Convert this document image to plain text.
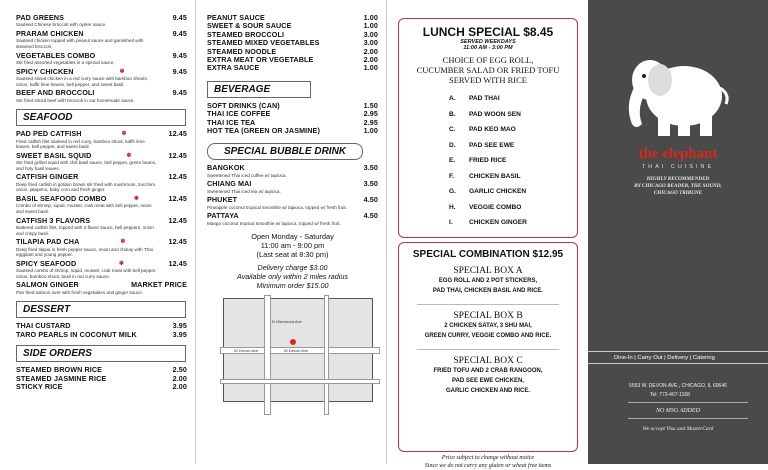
PAD GREENS	9.45
Sauteed Chinese broccoli with oyster sauce.
PRARAM CHICKEN	9.45
Sauteed chicken topped with peanut sauce and garnished with steamed broccoli.
VEGETABLES COMBO	9.45
Stir fried assorted vegetables in a special sauce.
SPICY CHICKEN	❄	9.45
Sauteed sliced chicken in a red curry sauce with bamboo shoots, onion, kaffir lime leaves, bell pepper, and sweet basil.
BEEF AND BROCCOLI	9.45
Stir fried sliced beef with broccoli in our homemade sauce.
SEAFOOD
PAD PED CATFISH	❄	12.45
Fried catfish filet sauteed in red curry, bamboo shoot, kaffir lime leaves, bell pepper, and sweet basil.
SWEET BASIL SQUID	❄	12.45
Stir fried grilled squid with chili basil sauce, bell pepper, green beans, and holy basil leaves.
CATFISH GINGER	12.45
Deep fried catfish in golden brown stir fried with mushroom, zucchini, onion, jalapeno, baby corn and fresh ginger.
BASIL SEAFOOD COMBO	❄	12.45
Combo of shrimp, squid, mussel, crab meat with bell pepper, onion and sweet basil.
CATFISH 3 FLAVORS	12.45
Battered catfish filet, topped with 3-flavor sauce, bell peppers, onion and crispy basil.
TILAPIA PAD CHA	❄	12.45
Deep fried tilapia in fresh pepper sauce, onion and chinay with Thai eggplant and young pepper.
SPICY SEAFOOD	❄	12.45
Sauteed combo of shrimp, squid, mussel, crab meat with bell pepper, onion, bamboo shoot, basil in red curry sauce.
SALMON GINGER	MARKET PRICE
Pan fried salmon over with fresh vegetables and ginger sauce.
DESSERT
THAI CUSTARD	3.95
TARO PEARLS IN COCONUT MILK	3.95
SIDE ORDERS
STEAMED BROWN RICE	2.50
STEAMED JASMINE RICE	2.00
STICKY RICE	2.00
PEANUT SAUCE	1.00
SWEET & SOUR SAUCE	1.00
STEAMED BROCCOLI	3.00
STEAMED MIXED VEGETABLES	3.00
STEAMED NOODLE	2.00
EXTRA MEAT OR VEGETABLE	2.00
EXTRA SAUCE	1.00
BEVERAGE
SOFT DRINKS (CAN)	1.50
THAI ICE COFFEE	2.95
THAI ICE TEA	2.95
HOT TEA (GREEN OR JASMINE)	1.00
SPECIAL BUBBLE DRINK
BANGKOK	3.50
Sweetened Thai iced coffee w/ tapioca.
CHIANG MAI	3.50
Sweetened Thai iced tea w/ tapioca.
PHUKET	4.50
Pineapple coconut tropical smoothie w/ tapioca, topped w/ fresh fruit.
PATTAYA	4.50
Mango coconut tropical smoothie w/ tapioca, topped w/ fresh fruit.
Open Monday - Saturday
11:00 am - 9:00 pm
(Last seat at 8:30 pm)
Delivery charge $3.00
Available only within 2 miles radius
Minimum order $15.00
W Devon Ave
N Glenwood Ave
W Devon Ave
LUNCH SPECIAL $8.45
SERVED WEEKDAYS
11:00 AM - 3:00 PM
CHOICE OF EGG ROLL,
CUCUMBER SALAD OR FRIED TOFU
SERVED WITH RICE
A.	PAD THAI
B.	PAD WOON SEN
C.	PAD KEO MAO
D.	PAD SEE EWE
E.	FRIED RICE
F.	CHICKEN BASIL
G.	GARLIC CHICKEN
H.	VEGGIE COMBO
I.	CHICKEN GINGER
SPECIAL COMBINATION $12.95
SPECIAL BOX A
EGG ROLL AND 2 POT STICKERS,
PAD THAI, CHICKEN BASIL AND RICE.
SPECIAL BOX B
2 CHICKEN SATAY, 3 SHU MAI,
GREEN CURRY, VEGGIE COMBO AND RICE.
SPECIAL BOX C
FRIED TOFU AND 2 CRAB RANGOON,
PAD SEE EWE CHICKEN,
GARLIC CHICKEN AND RICE.
Price subject to change without notice
Since we do not carry any gluten or wheat free items
the elephant
THAI CUISINE
HIGHLY RECOMMENDED
BY CHICAGO READER, THE SOUND,
CHICAGO TRIBUNE
Dine-In | Carry Out | Delivery | Catering
5553 W. DEVON AVE., CHICAGO, IL 60646
Tel: 773-467-1168
NO MSG ADDED
We accept Visa and MasterCard
